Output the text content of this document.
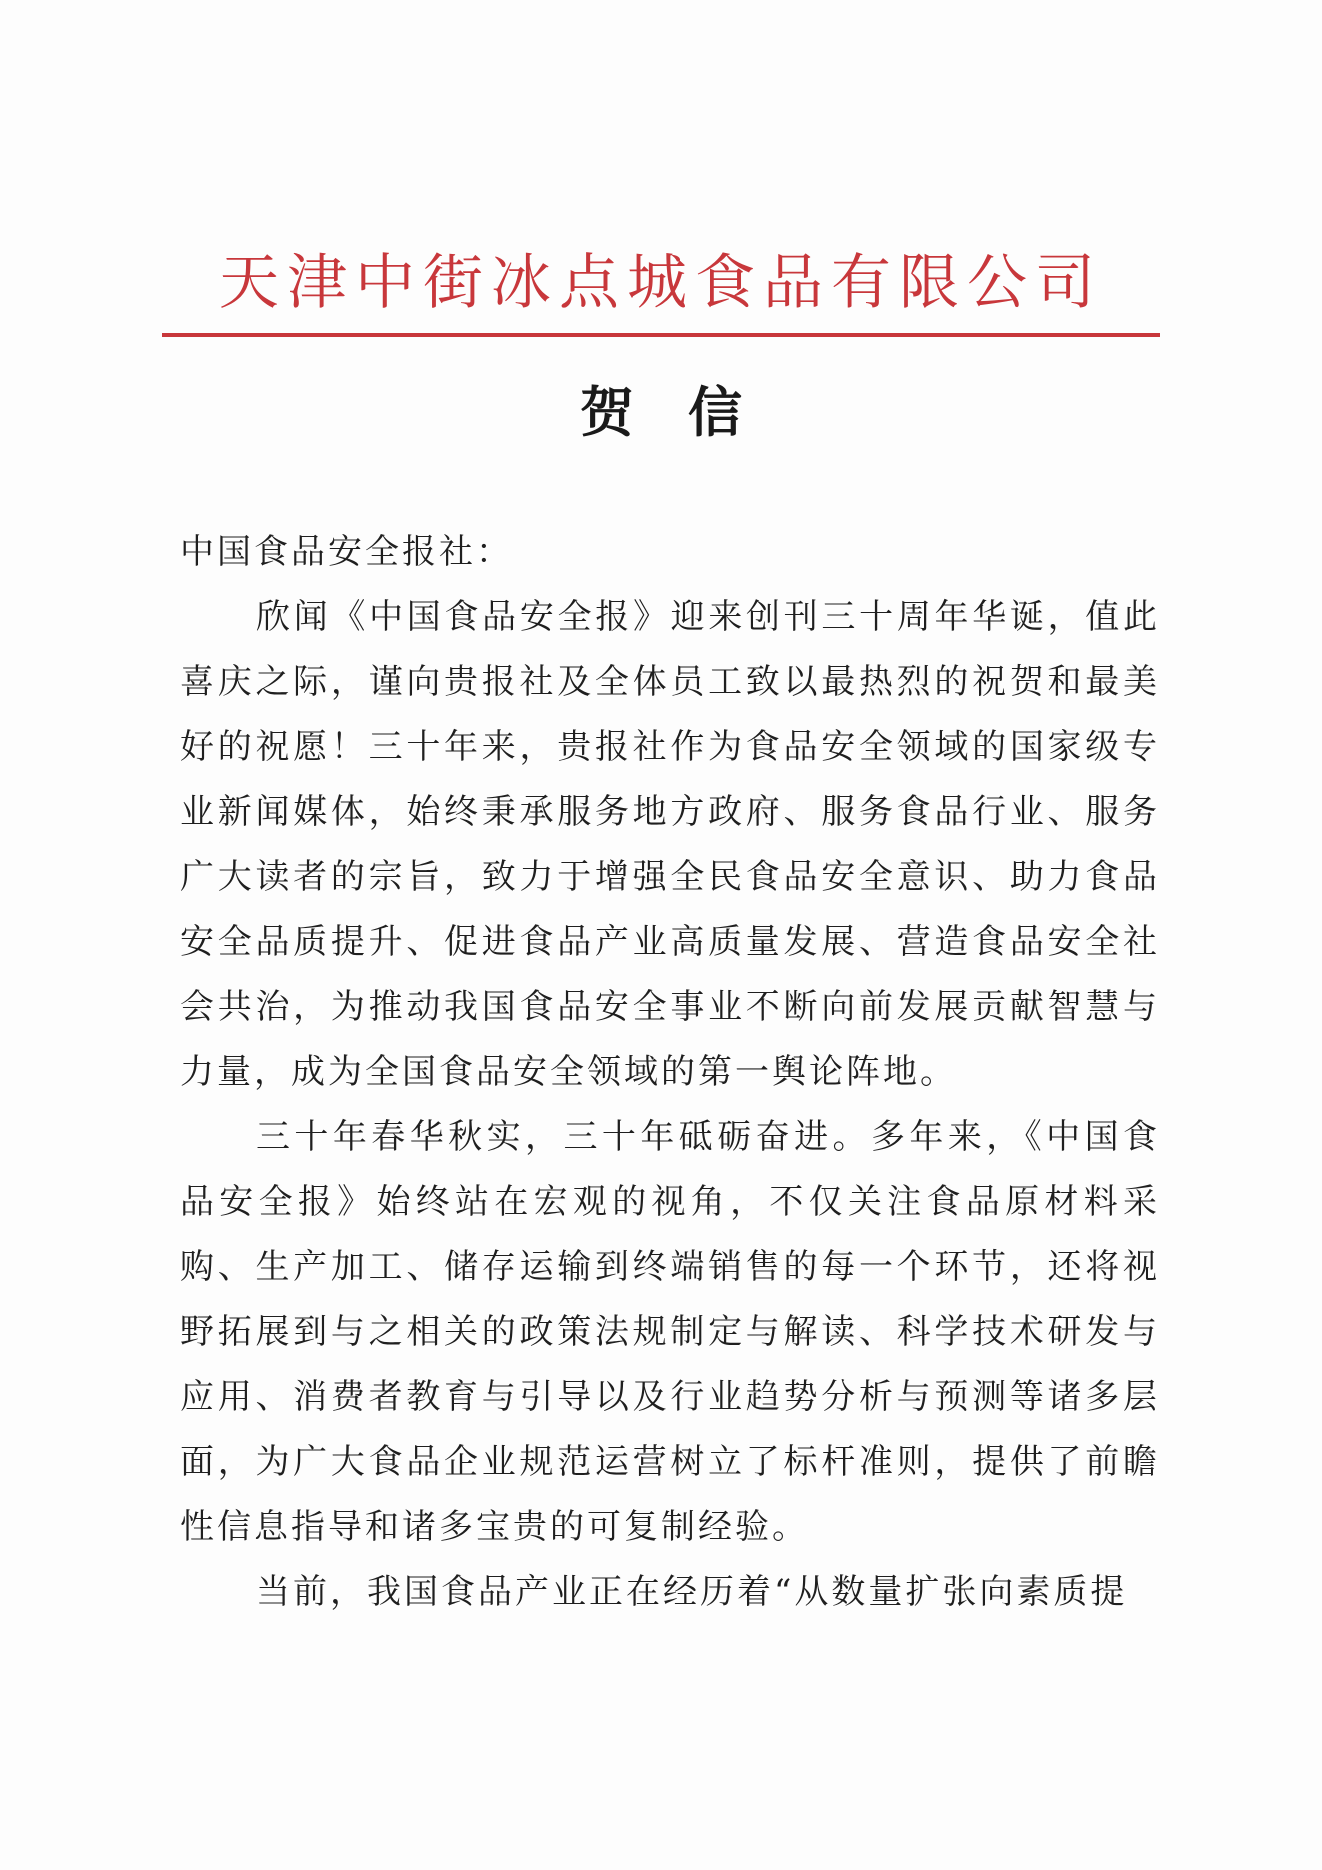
天津中街冰点城食品有限公司
贺　信

中国食品安全报社：

欣闻《中国食品安全报》迎来创刊三十周年华诞，值此喜庆之际，谨向贵报社及全体员工致以最热烈的祝贺和最美好的祝愿！三十年来，贵报社作为食品安全领域的国家级专业新闻媒体，始终秉承服务地方政府、服务食品行业、服务广大读者的宗旨，致力于增强全民食品安全意识、助力食品安全品质提升、促进食品产业高质量发展、营造食品安全社会共治，为推动我国食品安全事业不断向前发展贡献智慧与力量，成为全国食品安全领域的第一舆论阵地。

三十年春华秋实，三十年砥砺奋进。多年来，《中国食品安全报》始终站在宏观的视角，不仅关注食品原材料采购、生产加工、储存运输到终端销售的每一个环节，还将视野拓展到与之相关的政策法规制定与解读、科学技术研发与应用、消费者教育与引导以及行业趋势分析与预测等诸多层面，为广大食品企业规范运营树立了标杆准则，提供了前瞻性信息指导和诸多宝贵的可复制经验。

当前，我国食品产业正在经历着“从数量扩张向素质提
